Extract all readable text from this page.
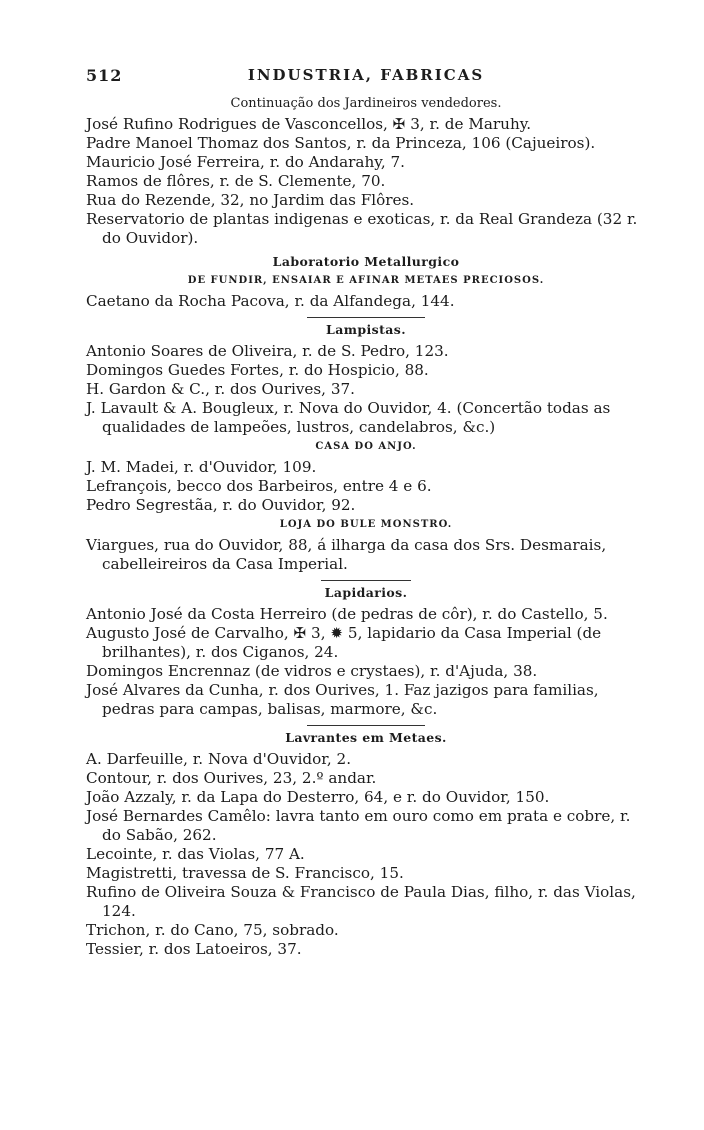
512	INDUSTRIA, FABRICAS

Continuação dos Jardineiros vendedores.

José Rufino Rodrigues de Vasconcellos, ✠ 3, r. de Maruhy.

Padre Manoel Thomaz dos Santos, r. da Princeza, 106 (Cajueiros).

Mauricio José Ferreira, r. do Andarahy, 7.

Ramos de flôres, r. de S. Clemente, 70.

Rua do Rezende, 32, no Jardim das Flôres.

Reservatorio de plantas indigenas e exoticas, r. da Real Grandeza (32 r. do Ouvidor).

Laboratorio Metallurgico

DE FUNDIR, ENSAIAR E AFINAR METAES PRECIOSOS.

Caetano da Rocha Pacova, r. da Alfandega, 144.

Lampistas.

Antonio Soares de Oliveira, r. de S. Pedro, 123.

Domingos Guedes Fortes, r. do Hospicio, 88.

H. Gardon & C., r. dos Ourives, 37.

J. Lavault & A. Bougleux, r. Nova do Ouvidor, 4. (Concertão todas as qualidades de lampeões, lustros, candelabros, &c.)

CASA DO ANJO.

J. M. Madei, r. d'Ouvidor, 109.

Lefrançois, becco dos Barbeiros, entre 4 e 6.

Pedro Segrestãa, r. do Ouvidor, 92.

LOJA DO BULE MONSTRO.

Viargues, rua do Ouvidor, 88, á ilharga da casa dos Srs. Desmarais, cabelleireiros da Casa Imperial.

Lapidarios.

Antonio José da Costa Herreiro (de pedras de côr), r. do Castello, 5.

Augusto José de Carvalho, ✠ 3, ✹ 5, lapidario da Casa Imperial (de brilhantes), r. dos Ciganos, 24.

Domingos Encrennaz (de vidros e crystaes), r. d'Ajuda, 38.

José Alvares da Cunha, r. dos Ourives, 1. Faz jazigos para familias, pedras para campas, balisas, marmore, &c.

Lavrantes em Metaes.

A. Darfeuille, r. Nova d'Ouvidor, 2.

Contour, r. dos Ourives, 23, 2.º andar.

João Azzaly, r. da Lapa do Desterro, 64, e r. do Ouvidor, 150.

José Bernardes Camêlo: lavra tanto em ouro como em prata e cobre, r. do Sabão, 262.

Lecointe, r. das Violas, 77 A.

Magistretti, travessa de S. Francisco, 15.

Rufino de Oliveira Souza & Francisco de Paula Dias, filho, r. das Violas, 124.

Trichon, r. do Cano, 75, sobrado.

Tessier, r. dos Latoeiros, 37.
